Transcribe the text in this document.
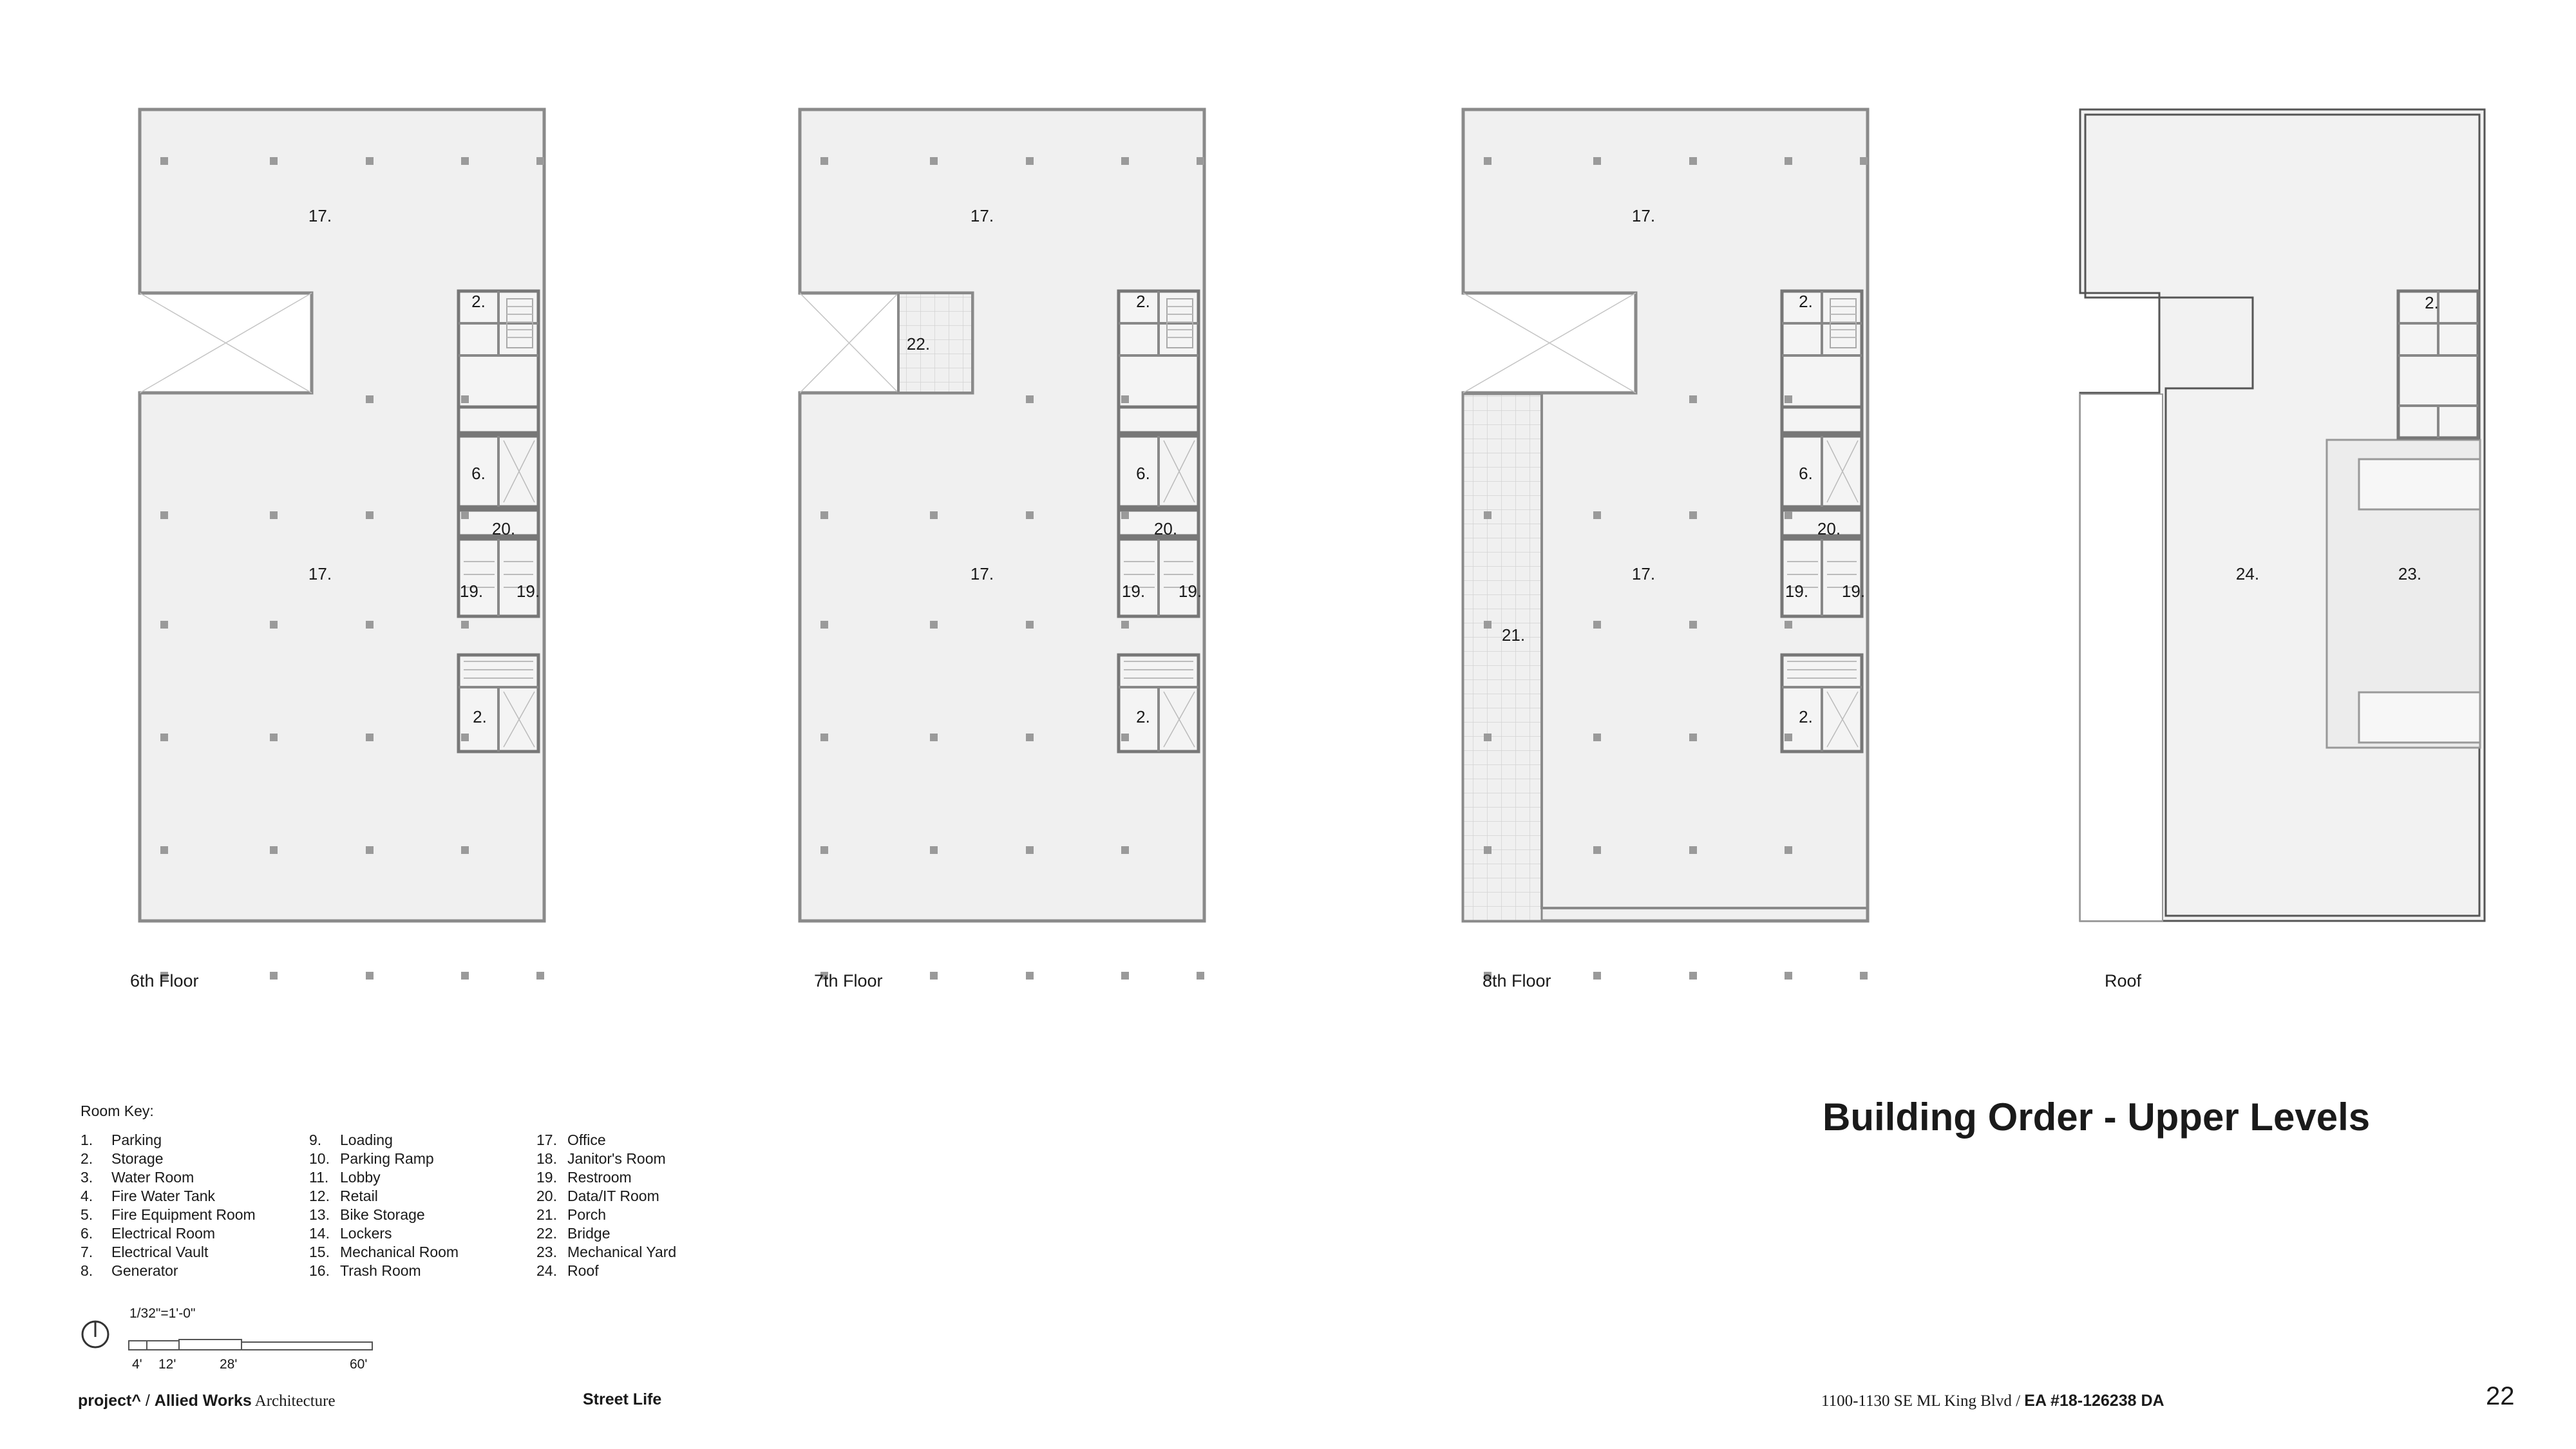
17.
17.
2.
6.
20.
19. 19.
2.
17.
17.
22.
2.
6.
20.
19. 19.
2.
17.
17.
21.
2.
6.
20.
19. 19.
2.
2.
24.	23.
6th Floor	7th Floor	8th Floor	Roof
Room Key:
1.	Parking
2.	Storage
3.	Water Room
4.	Fire Water Tank
5.	Fire Equipment Room
6.	Electrical Room
7.	Electrical Vault
8.	Generator
9.	Loading
10. Parking Ramp
11. Lobby
12. Retail
13. Bike Storage
14. Lockers
15. Mechanical Room
16. Trash Room
17. Office
18. Janitor's Room
19. Restroom
20. Data/IT Room
21. Porch
22. Bridge
23. Mechanical Yard
24. Roof
1/32"=1'-0"
4' 12'	28'	60'
Building Order - Upper Levels
project^ / Allied Works Architecture	Street Life	1100-1130 SE ML King Blvd / EA #18-126238 DA	22
